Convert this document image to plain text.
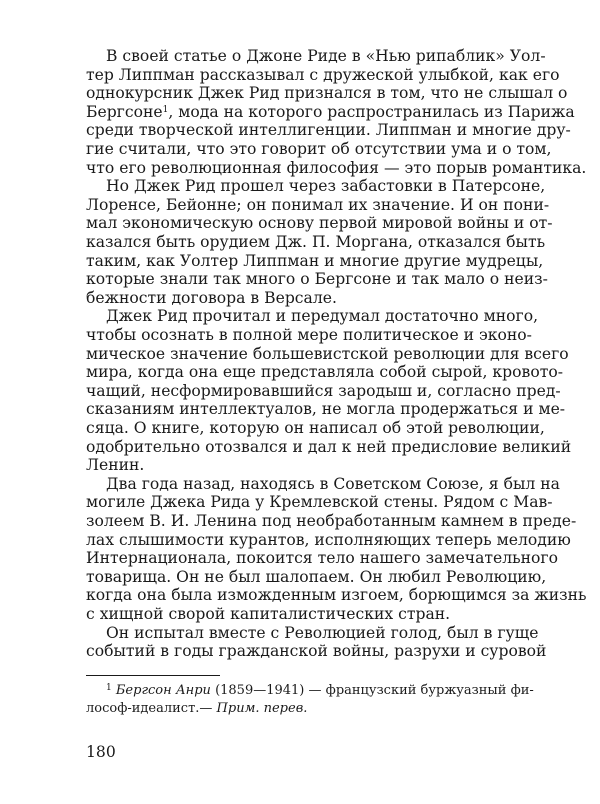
В своей статье о Джоне Риде в «Нью рипаблик» Уол-
тер Липпман рассказывал с дружеской улыбкой, как его
однокурсник Джек Рид признался в том, что не слышал о
Бергсоне$^1$, мода на которого распространилась из Парижа
среди творческой интеллигенции. Липпман и многие дру-
гие считали, что это говорит об отсутствии ума и о том,
что его революционная философия — это порыв романтика.
Но Джек Рид прошел через забастовки в Патерсоне,
Лоренсе, Бейонне; он понимал их значение. И он пони-
мал экономическую основу первой мировой войны и от-
казался быть орудием Дж. П. Моргана, отказался быть
таким, как Уолтер Липпман и многие другие мудрецы,
которые знали так много о Бергсоне и так мало о неиз-
бежности договора в Версале.
Джек Рид прочитал и передумал достаточно много,
чтобы осознать в полной мере политическое и эконо-
мическое значение большевистской революции для всего
мира, когда она еще представляла собой сырой, кровото-
чащий, несформировавшийся зародыш и, согласно пред-
сказаниям интеллектуалов, не могла продержаться и ме-
сяца. О книге, которую он написал об этой революции,
одобрительно отозвался и дал к ней предисловие великий
Ленин.
Два года назад, находясь в Советском Союзе, я был на
могиле Джека Рида у Кремлевской стены. Рядом с Мав-
золеем В. И. Ленина под необработанным камнем в преде-
лах слышимости курантов, исполняющих теперь мелодию
Интернационала, покоится тело нашего замечательного
товарища. Он не был шалопаем. Он любил Революцию,
когда она была изможденным изгоем, борющимся за жизнь
с хищной сворой капиталистических стран.
Он испытал вместе с Революцией голод, был в гуще
событий в годы гражданской войны, разрухи и суровой
$^1$ Бергсон Анри (1859—1941) — французский буржуазный фи-
лософ-идеалист.— Прим. перев.
180
